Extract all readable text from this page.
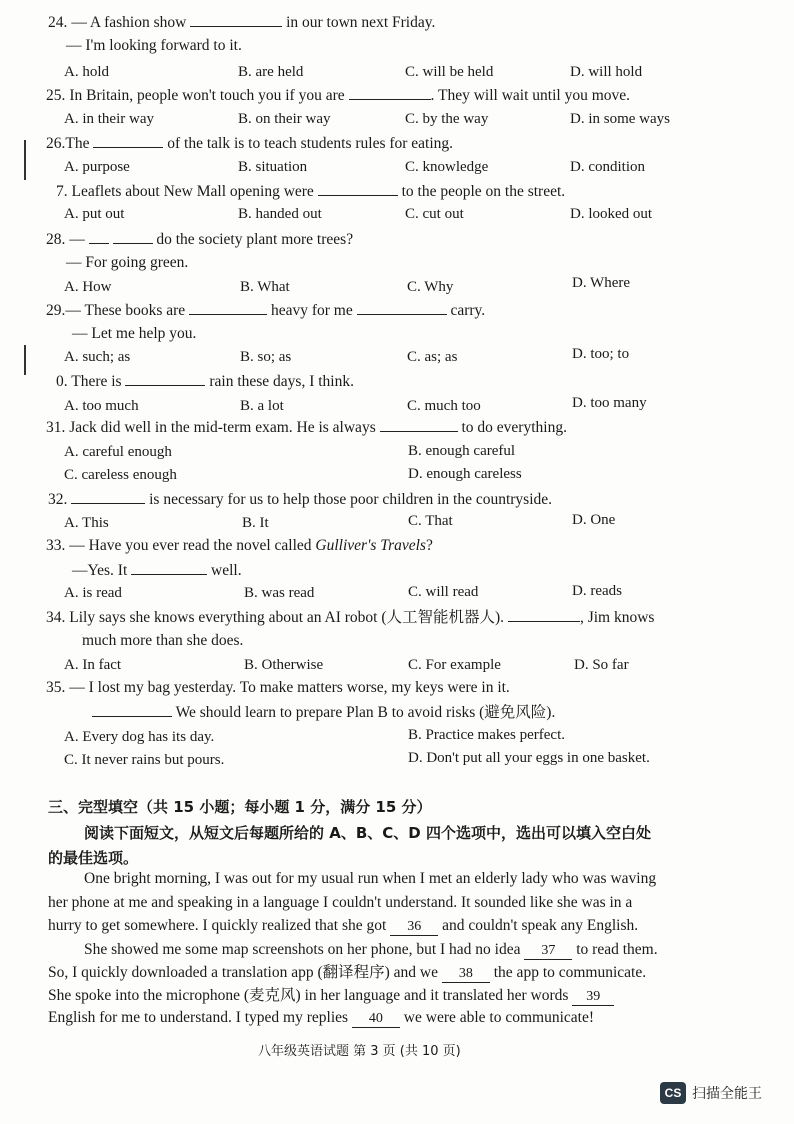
24. — A fashion show	in our town next Friday.
— I'm looking forward to it.
A. hold	B. are held	C. will be held	D. will hold
25. In Britain, people won't touch you if you are	. They will wait until you move.
A. in their way	B. on their way	C. by the way	D. in some ways
26.The	of the talk is to teach students rules for eating.
A. purpose	B. situation	C. knowledge	D. condition
7. Leaflets about New Mall opening were	to the people on the street.
A. put out	B. handed out	C. cut out	D. looked out
28. —	do the society plant more trees?
— For going green.
A. How	B. What	C. Why	D. Where
29.— These books are	heavy for me	carry.
— Let me help you.
A. such; as	B. so; as	C. as; as	D. too; to
0. There is	rain these days, I think.
A. too much	B. a lot	C. much too	D. too many
31. Jack did well in the mid-term exam. He is always	to do everything.
A. careful enough	B. enough careful
C. careless enough	D. enough careless
32.	is necessary for us to help those poor children in the countryside.
A. This	B. It	C. That	D. One
33. — Have you ever read the novel called Gulliver's Travels?
—Yes. It	well.
A. is read	B. was read	C. will read	D. reads
34. Lily says she knows everything about an AI robot (人工智能机器人).	, Jim knows
much more than she does.
A. In fact	B. Otherwise	C. For example	D. So far
35. — I lost my bag yesterday. To make matters worse, my keys were in it.
We should learn to prepare Plan B to avoid risks (避免风险).
A. Every dog has its day.	B. Practice makes perfect.
C. It never rains but pours.	D. Don't put all your eggs in one basket.
三、完型填空（共 15 小题；每小题 1 分，满分 15 分）
阅读下面短文，从短文后每题所给的 A、B、C、D 四个选项中，选出可以填入空白处
的最佳选项。
One bright morning, I was out for my usual run when I met an elderly lady who was waving
her phone at me and speaking in a language I couldn't understand. It sounded like she was in a
hurry to get somewhere. I quickly realized that she got 36 and couldn't speak any English.
She showed me some map screenshots on her phone, but I had no idea 37 to read them.
So, I quickly downloaded a translation app (翻译程序) and we 38 the app to communicate.
She spoke into the microphone (麦克风) in her language and it translated her words 39
English for me to understand. I typed my replies 40 we were able to communicate!
八年级英语试题 第 3 页 (共 10 页)
CS 扫描全能王
